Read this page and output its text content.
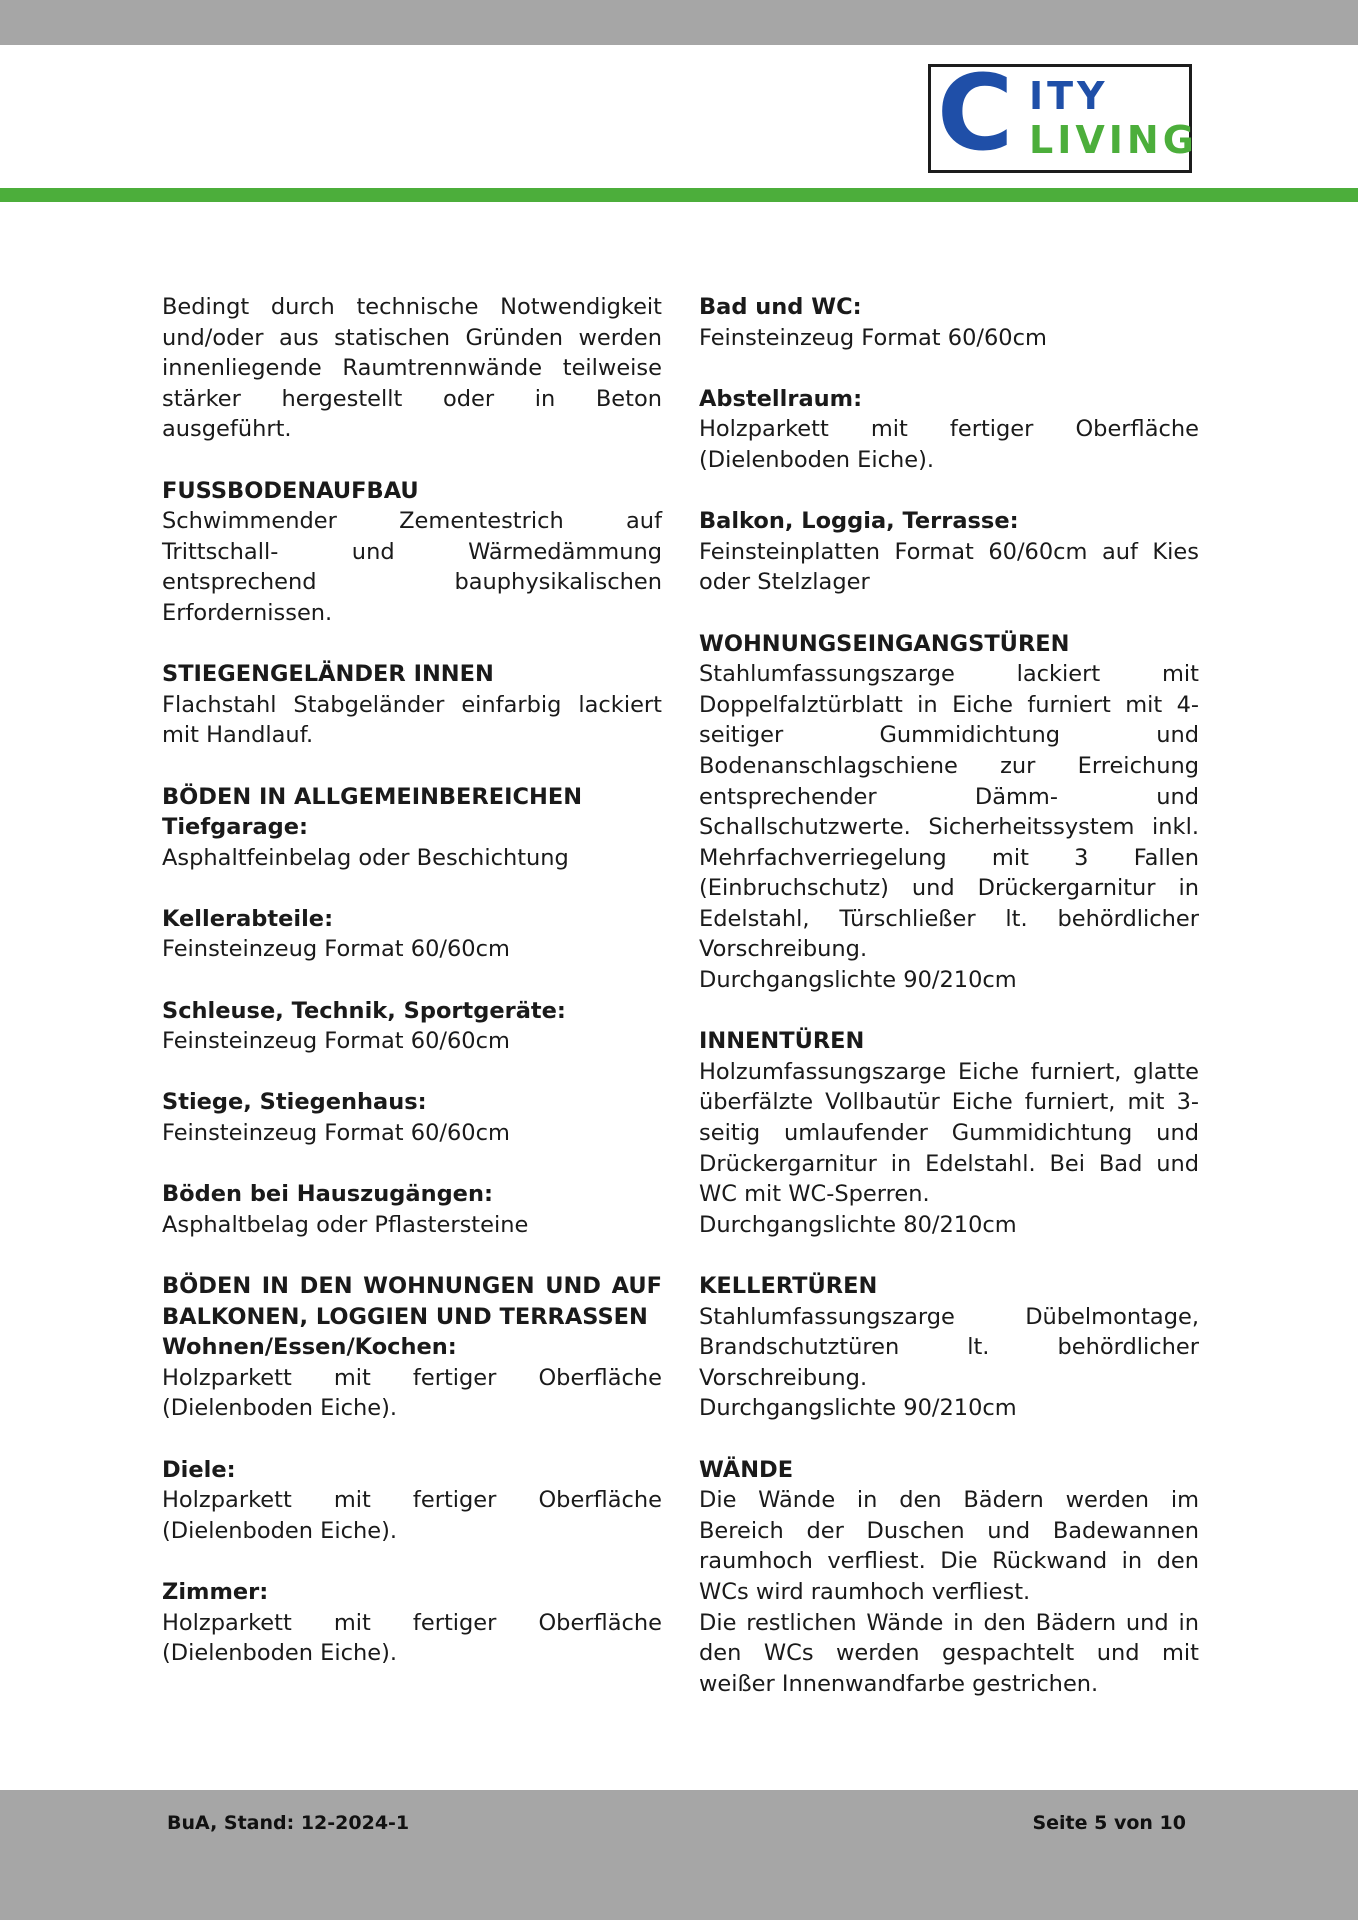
C ITY
LIVING

Bedingt durch technische Notwendigkeit und/oder aus statischen Gründen werden innenliegende Raumtrennwände teilweise stärker hergestellt oder in Beton ausgeführt.

FUSSBODENAUFBAU

Schwimmender Zementestrich auf Trittschall- und Wärmedämmung entsprechend bauphysikalischen Erfordernissen.

STIEGENGELÄNDER INNEN

Flachstahl Stabgeländer einfarbig lackiert mit Handlauf.

BÖDEN IN ALLGEMEINBEREICHEN

Tiefgarage:

Asphaltfeinbelag oder Beschichtung

Kellerabteile:

Feinsteinzeug Format 60/60cm

Schleuse, Technik, Sportgeräte:

Feinsteinzeug Format 60/60cm

Stiege, Stiegenhaus:

Feinsteinzeug Format 60/60cm

Böden bei Hauszugängen:

Asphaltbelag oder Pflastersteine

BÖDEN IN DEN WOHNUNGEN UND AUF BALKONEN, LOGGIEN UND TERRASSEN

Wohnen/Essen/Kochen:

Holzparkett mit fertiger Oberfläche (Dielenboden Eiche).

Diele:

Holzparkett mit fertiger Oberfläche (Dielenboden Eiche).

Zimmer:

Holzparkett mit fertiger Oberfläche (Dielenboden Eiche).

Bad und WC:

Feinsteinzeug Format 60/60cm

Abstellraum:

Holzparkett mit fertiger Oberfläche (Dielenboden Eiche).

Balkon, Loggia, Terrasse:

Feinsteinplatten Format 60/60cm auf Kies oder Stelzlager

WOHNUNGSEINGANGSTÜREN

Stahlumfassungszarge lackiert mit Doppelfalztürblatt in Eiche furniert mit 4-seitiger Gummidichtung und Bodenanschlagschiene zur Erreichung entsprechender Dämm- und Schallschutzwerte. Sicherheitssystem inkl. Mehrfachverriegelung mit 3 Fallen (Einbruchschutz) und Drückergarnitur in Edelstahl, Türschließer lt. behördlicher Vorschreibung.

Durchgangslichte 90/210cm

INNENTÜREN

Holzumfassungszarge Eiche furniert, glatte überfälzte Vollbautür Eiche furniert, mit 3-seitig umlaufender Gummidichtung und Drückergarnitur in Edelstahl. Bei Bad und WC mit WC-Sperren.

Durchgangslichte 80/210cm

KELLERTÜREN

Stahlumfassungszarge Dübelmontage, Brandschutztüren lt. behördlicher Vorschreibung.

Durchgangslichte 90/210cm

WÄNDE

Die Wände in den Bädern werden im Bereich der Duschen und Badewannen raumhoch verfliest. Die Rückwand in den WCs wird raumhoch verfliest.

Die restlichen Wände in den Bädern und in den WCs werden gespachtelt und mit weißer Innenwandfarbe gestrichen.

BuA, Stand: 12-2024-1	Seite 5 von 10
